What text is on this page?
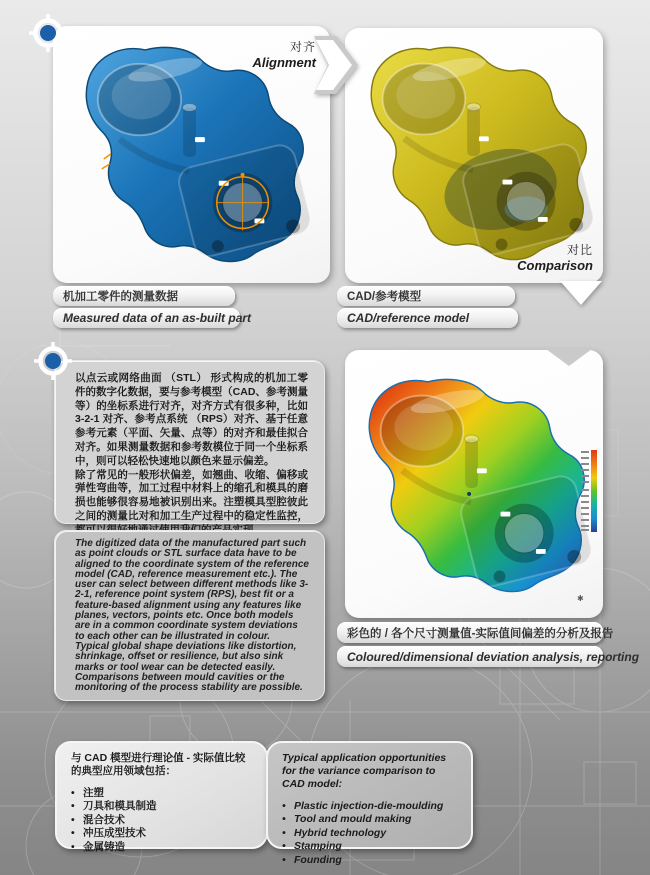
对齐
Alignment
对比
Comparison
机加工零件的测量数据
Measured data of an as-built part
CAD/参考模型
CAD/reference model
以点云或网络曲面 （STL） 形式构成的机加工零件的数字化数据，要与参考模型（CAD、参考测量等）的坐标系进行对齐，对齐方式有很多种，比如 3-2-1 对齐、参考点系统 （RPS）对齐、基于任意参考元素（平面、矢量、点等）的对齐和最佳拟合对齐。如果测量数据和参考数模位于同一个坐标系中，则可以轻松快速地以颜色来显示偏差。
除了常见的一般形状偏差，如翘曲、收缩、偏移或弹性弯曲等，加工过程中材料上的缩孔和模具的磨损也能够很容易地被识别出来。注塑模具型腔彼此之间的测量比对和加工生产过程中的稳定性监控，
The digitized data of the manufactured part such as point clouds or STL surface data have to be aligned to the coordinate system of the reference model (CAD, reference measurement etc.). The user can select between different methods like 3-2-1, reference point system (RPS), best fit or a feature-based alignment using any features like planes, vectors, points etc. Once both models are in a common coordinate system deviations to each other can be illustrated in colour.
Typical global shape deviations like distortion, shrinkage, offset or resilience, but also sink marks or tool wear can be detected easily. Comparisons between mould cavities or the monitoring of the process stability are possible.
✱
彩色的 / 各个尺寸测量值-实际值间偏差的分析及报告
Coloured/dimensional deviation analysis, reporting
与 CAD 模型进行理论值 - 实际值比较的典型应用领域包括：
• 注塑
• 刀具和模具制造
• 混合技术
• 冲压成型技术
• 金属铸造
Typical application opportunities for the variance comparison to CAD model:
• Plastic injection-die-moulding
• Tool and mould making
• Hybrid technology
• Stamping
• Founding
